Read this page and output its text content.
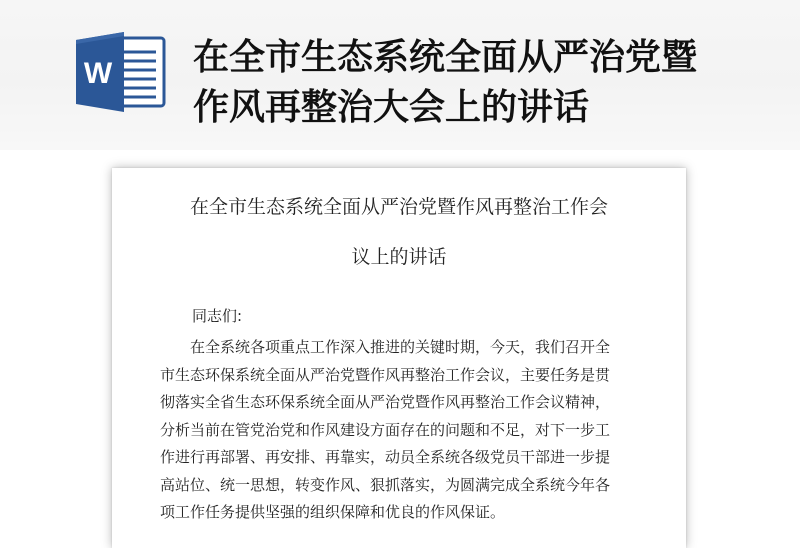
W 在全市生态系统全面从严治党暨
作风再整治大会上的讲话
在全市生态系统全面从严治党暨作风再整治工作会
议上的讲话

同志们:

在全系统各项重点工作深入推进的关键时期，今天，我们召开全
市生态环保系统全面从严治党暨作风再整治工作会议，主要任务是贯
彻落实全省生态环保系统全面从严治党暨作风再整治工作会议精神，
分析当前在管党治党和作风建设方面存在的问题和不足，对下一步工
作进行再部署、再安排、再靠实，动员全系统各级党员干部进一步提
高站位、统一思想，转变作风、狠抓落实，为圆满完成全系统今年各
项工作任务提供坚强的组织保障和优良的作风保证。
